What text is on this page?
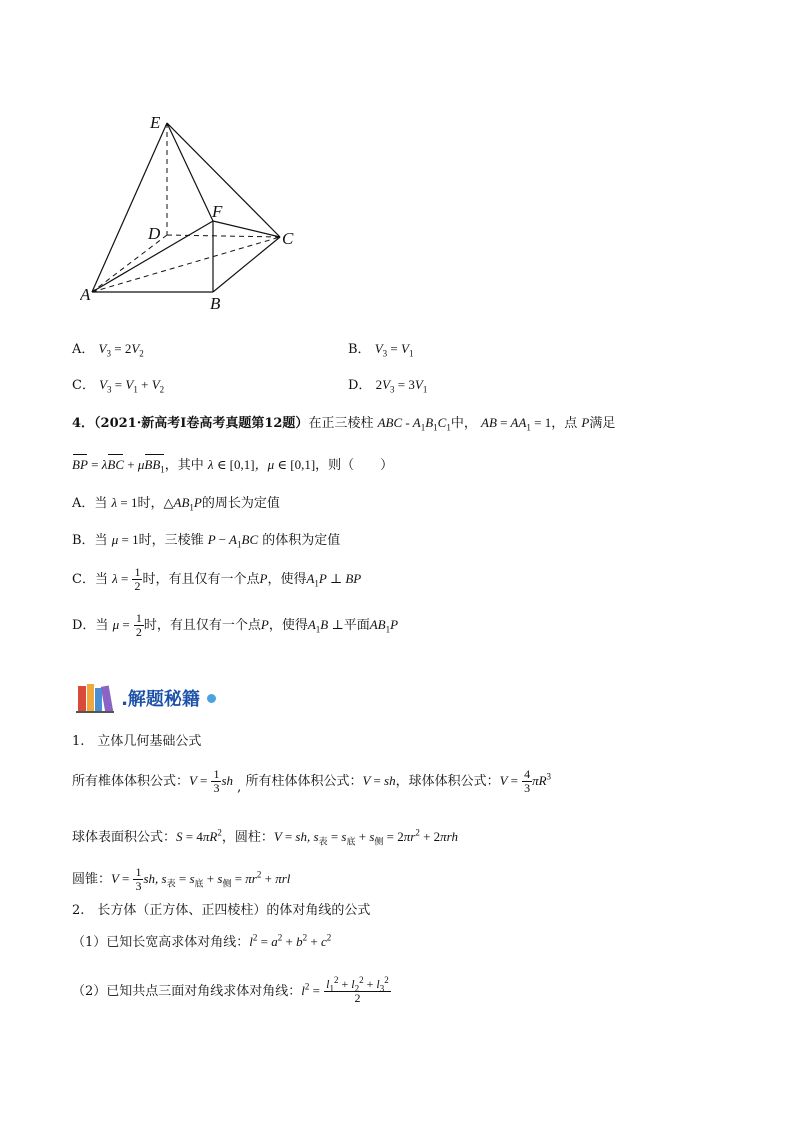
E
F
D	C
A	B
A． $V_3 = 2V_2$	B． $V_3 = V_1$
C． $V_3 = V_1 + V_2$	D． $2V_3 = 3V_1$
4．（2021·新高考Ⅰ卷高考真题第12题）在正三棱柱 ABC - $A_1B_1C_1$中， AB = $AA_1 = 1$，点 P满足
BP = λBC + μBB$_1$，其中 λ ∈ [0,1]，μ ∈ [0,1]，则（　　）
A．当 λ = 1时，$\triangle AB_1P$的周长为定值
B．当 μ = 1时，三棱锥 $P - A_1BC$ 的体积为定值
C．当 $\lambda = \frac{1}{2}$ 时，有且仅有一个点P，使得$A_1P$ ⊥ BP
D．当 $\mu = \frac{1}{2}$ 时，有且仅有一个点P，使得$A_1B$ ⊥平面$AB_1P$
.解题秘籍
1.　立体几何基础公式
所有椎体体积公式：$V = \frac{1}{3}$ sh , 所有柱体体积公式：V = sh，球体体积公式：$V = \frac{4}{3} \pi R^3$
球体表面积公式：$S = 4\pi R^2$，圆柱：V = sh, $s_表 = s_底 + s_侧 = 2\pi r^2 + 2\pi rh$
圆锥：$V = \frac{1}{3}$ sh, $s_表 = s_底 + s_侧 = \pi r^2 + \pi rl$
2.　长方体（正方体、正四棱柱）的体对角线的公式
（1）已知长宽高求体对角线：$l^2 = a^2 + b^2 + c^2$
（2）已知共点三面对角线求体对角线：$l^2 = \frac{l_1^2 + l_2^2 + l_3^2}{2}$
